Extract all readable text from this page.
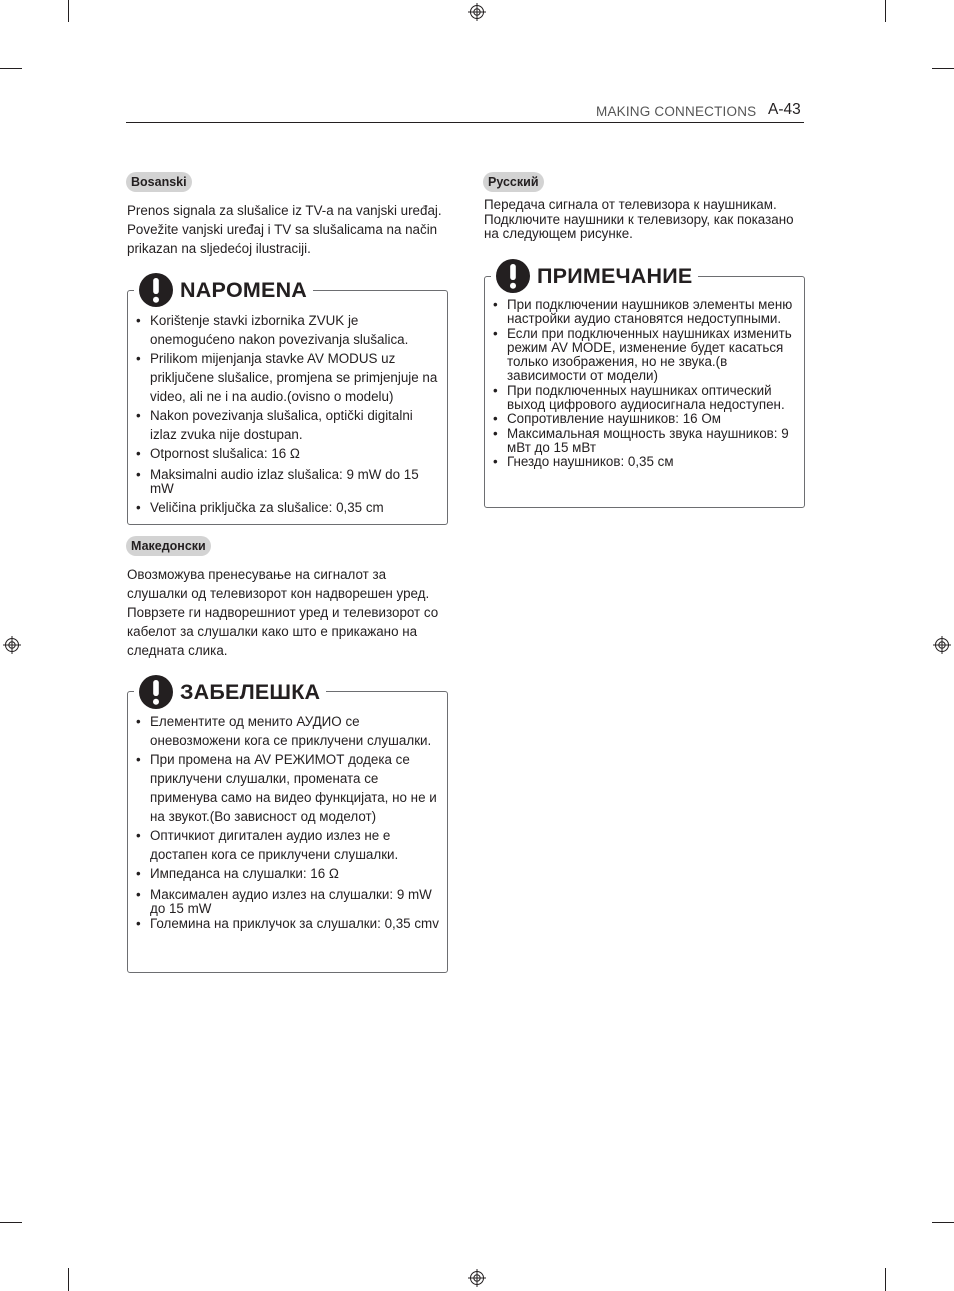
MAKING CONNECTIONS A-43
Bosanski
Prenos signala za slušalice iz TV-a na vanjski uređaj. Povežite vanjski uređaj i TV sa slušalicama na način prikazan na sljedećoj ilustraciji.
NAPOMENA
• Korištenje stavki izbornika ZVUK je onemogućeno nakon povezivanja slušalica.
• Prilikom mijenjanja stavke AV MODUS uz priključene slušalice, promjena se primjenjuje na video, ali ne i na audio.(ovisno o modelu)
• Nakon povezivanja slušalica, optički digitalni izlaz zvuka nije dostupan.
• Otpornost slušalica: 16 Ω
• Maksimalni audio izlaz slušalica: 9 mW do 15 mW
• Veličina priključka za slušalice: 0,35 cm
Македонски
Овозможува пренесување на сигналот за слушалки од телевизорот кон надворешен уред. Поврзете ги надворешниот уред и телевизорот со кабелот за слушалки како што е прикажано на следната слика.
ЗАБЕЛЕШКА
• Елементите од менито АУДИО се оневозможени кога се приклучени слушалки.
• При промена на AV РЕЖИМОТ додека се приклучени слушалки, промената се применува само на видео функцијата, но не и на звукот.(Во зависност од моделот)
• Оптичкиот дигитален аудио излез не е достапен кога се приклучени слушалки.
• Импеданса на слушалки: 16 Ω
• Максимален аудио излез на слушалки: 9 mW до 15 mW
• Големина на приклучок за слушалки: 0,35 cmv
Русский
Передача сигнала от телевизора к наушникам. Подключите наушники к телевизору, как показано на следующем рисунке.
ПРИМЕЧАНИЕ
• При подключении наушников элементы меню настройки аудио становятся недоступными.
• Если при подключенных наушниках изменить режим AV MODE, изменение будет касаться только изображения, но не звука.(в зависимости от модели)
• При подключенных наушниках оптический выход цифрового аудиосигнала недоступен.
• Сопротивление наушников: 16 Ом
• Максимальная мощность звука наушников: 9 мВт до 15 мВт
• Гнездо наушников: 0,35 см
